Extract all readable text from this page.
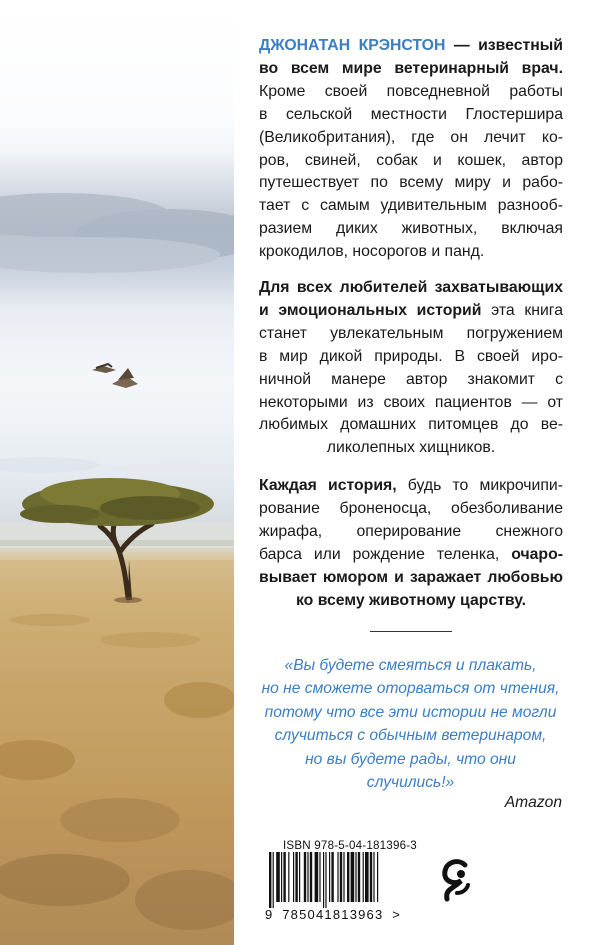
ДЖОНАТАН КРЭНСТОН — известный
во всем мире ветеринарный врач.
Кроме своей повседневной работы
в сельской местности Глостершира
(Великобритания), где он лечит ко-
ров, свиней, собак и кошек, автор
путешествует по всему миру и рабо-
тает с самым удивительным разнооб-
разием диких животных, включая
крокодилов, носорогов и панд.
Для всех любителей захватывающих
и эмоциональных историй эта книга
станет увлекательным погружением
в мир дикой природы. В своей иро-
ничной манере автор знакомит с
некоторыми из своих пациентов — от
любимых домашних питомцев до ве-
ликолепных хищников.
Каждая история, будь то микрочипи-
рование броненосца, обезболивание
жирафа, оперирование снежного
барса или рождение теленка, очаро-
вывает юмором и заражает любовью
ко всему животному царству.
«Вы будете смеяться и плакать,
но не сможете оторваться от чтения,
потому что все эти истории не могли
случиться с обычным ветеринаром,
но вы будете рады, что они
случились!»
Amazon
ISBN 978-5-04-181396-3
9 785041813963 >
